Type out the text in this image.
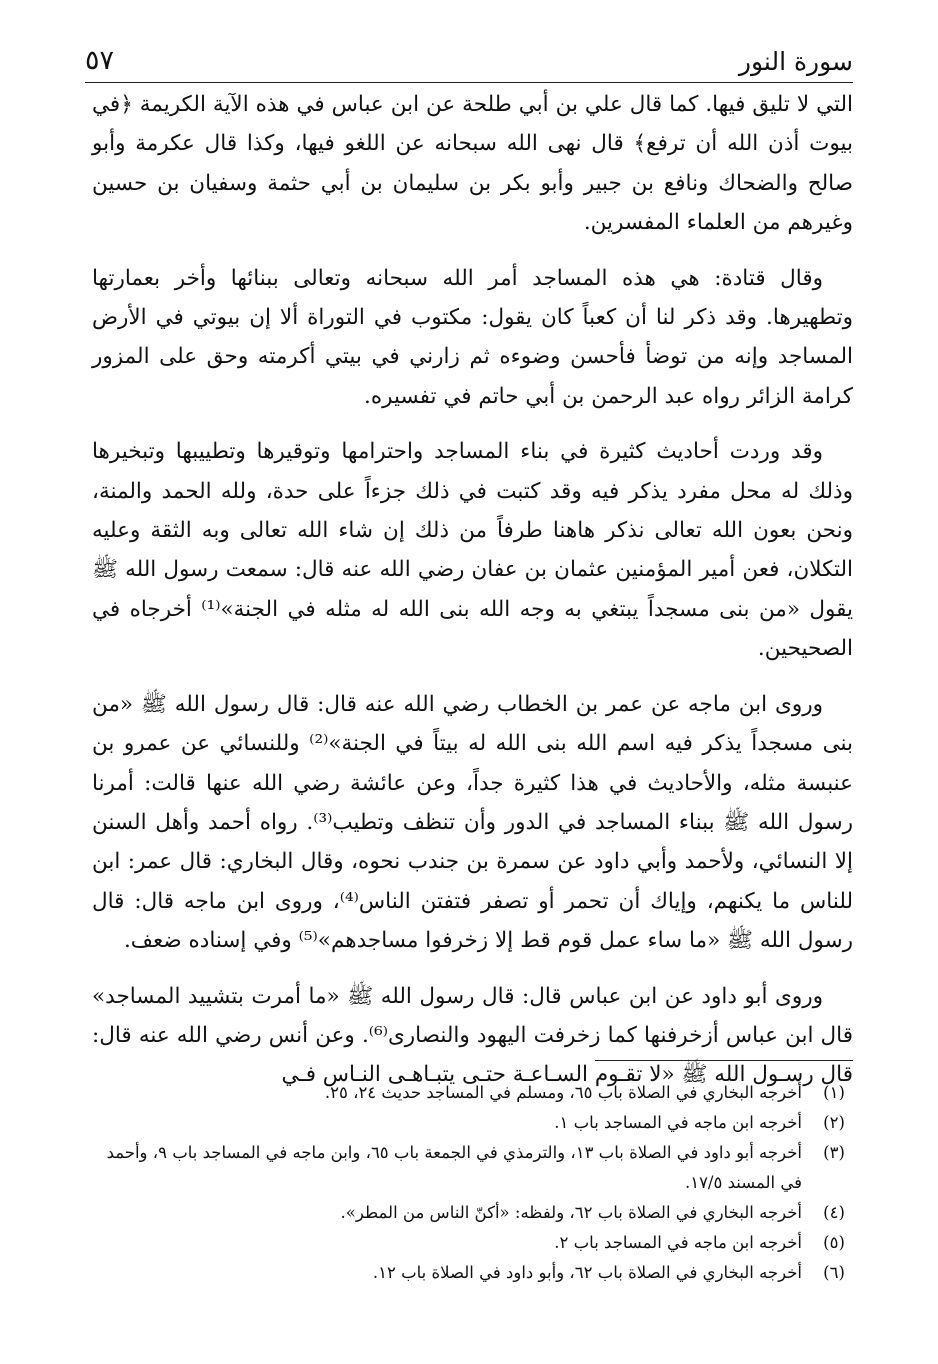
سورة النور
٥٧

التي لا تليق فيها. كما قال علي بن أبي طلحة عن ابن عباس في هذه الآية الكريمة ﴿في بيوت أذن الله أن ترفع﴾ قال نهى الله سبحانه عن اللغو فيها، وكذا قال عكرمة وأبو صالح والضحاك ونافع بن جبير وأبو بكر بن سليمان بن أبي حثمة وسفيان بن حسين وغيرهم من العلماء المفسرين.

وقال قتادة: هي هذه المساجد أمر الله سبحانه وتعالى ببنائها وأخر بعمارتها وتطهيرها. وقد ذكر لنا أن كعباً كان يقول: مكتوب في التوراة ألا إن بيوتي في الأرض المساجد وإنه من توضأ فأحسن وضوءه ثم زارني في بيتي أكرمته وحق على المزور كرامة الزائر رواه عبد الرحمن بن أبي حاتم في تفسيره.

وقد وردت أحاديث كثيرة في بناء المساجد واحترامها وتوقيرها وتطييبها وتبخيرها وذلك له محل مفرد يذكر فيه وقد كتبت في ذلك جزءاً على حدة، ولله الحمد والمنة، ونحن بعون الله تعالى نذكر هاهنا طرفاً من ذلك إن شاء الله تعالى وبه الثقة وعليه التكلان، فعن أمير المؤمنين عثمان بن عفان رضي الله عنه قال: سمعت رسول الله ﷺ يقول «من بنى مسجداً يبتغي به وجه الله بنى الله له مثله في الجنة»⁽¹⁾ أخرجاه في الصحيحين.

وروى ابن ماجه عن عمر بن الخطاب رضي الله عنه قال: قال رسول الله ﷺ «من بنى مسجداً يذكر فيه اسم الله بنى الله له بيتاً في الجنة»⁽²⁾ وللنسائي عن عمرو بن عنبسة مثله، والأحاديث في هذا كثيرة جداً، وعن عائشة رضي الله عنها قالت: أمرنا رسول الله ﷺ ببناء المساجد في الدور وأن تنظف وتطيب⁽³⁾. رواه أحمد وأهل السنن إلا النسائي، ولأحمد وأبي داود عن سمرة بن جندب نحوه، وقال البخاري: قال عمر: ابن للناس ما يكنهم، وإياك أن تحمر أو تصفر فتفتن الناس⁽⁴⁾، وروى ابن ماجه قال: قال رسول الله ﷺ «ما ساء عمل قوم قط إلا زخرفوا مساجدهم»⁽⁵⁾ وفي إسناده ضعف.

وروى أبو داود عن ابن عباس قال: قال رسول الله ﷺ «ما أمرت بتشييد المساجد» قال ابن عباس أزخرفنها كما زخرفت اليهود والنصارى⁽⁶⁾. وعن أنس رضي الله عنه قال: قال رسـول الله ﷺ «لا تقـوم السـاعـة حتـى يتبـاهـى النـاس فـي

(١)
أخرجه البخاري في الصلاة باب ٦٥، ومسلم في المساجد حديث ٢٤، ٢٥.
(٢)
أخرجه ابن ماجه في المساجد باب ١.
(٣)
أخرجه أبو داود في الصلاة باب ١٣، والترمذي في الجمعة باب ٦٥، وابن ماجه في المساجد باب ٩، وأحمد في المسند ١٧/٥.
(٤)
أخرجه البخاري في الصلاة باب ٦٢، ولفظه: «أكنّ الناس من المطر».
(٥)
أخرجه ابن ماجه في المساجد باب ٢.
(٦)
أخرجه البخاري في الصلاة باب ٦٢، وأبو داود في الصلاة باب ١٢.
